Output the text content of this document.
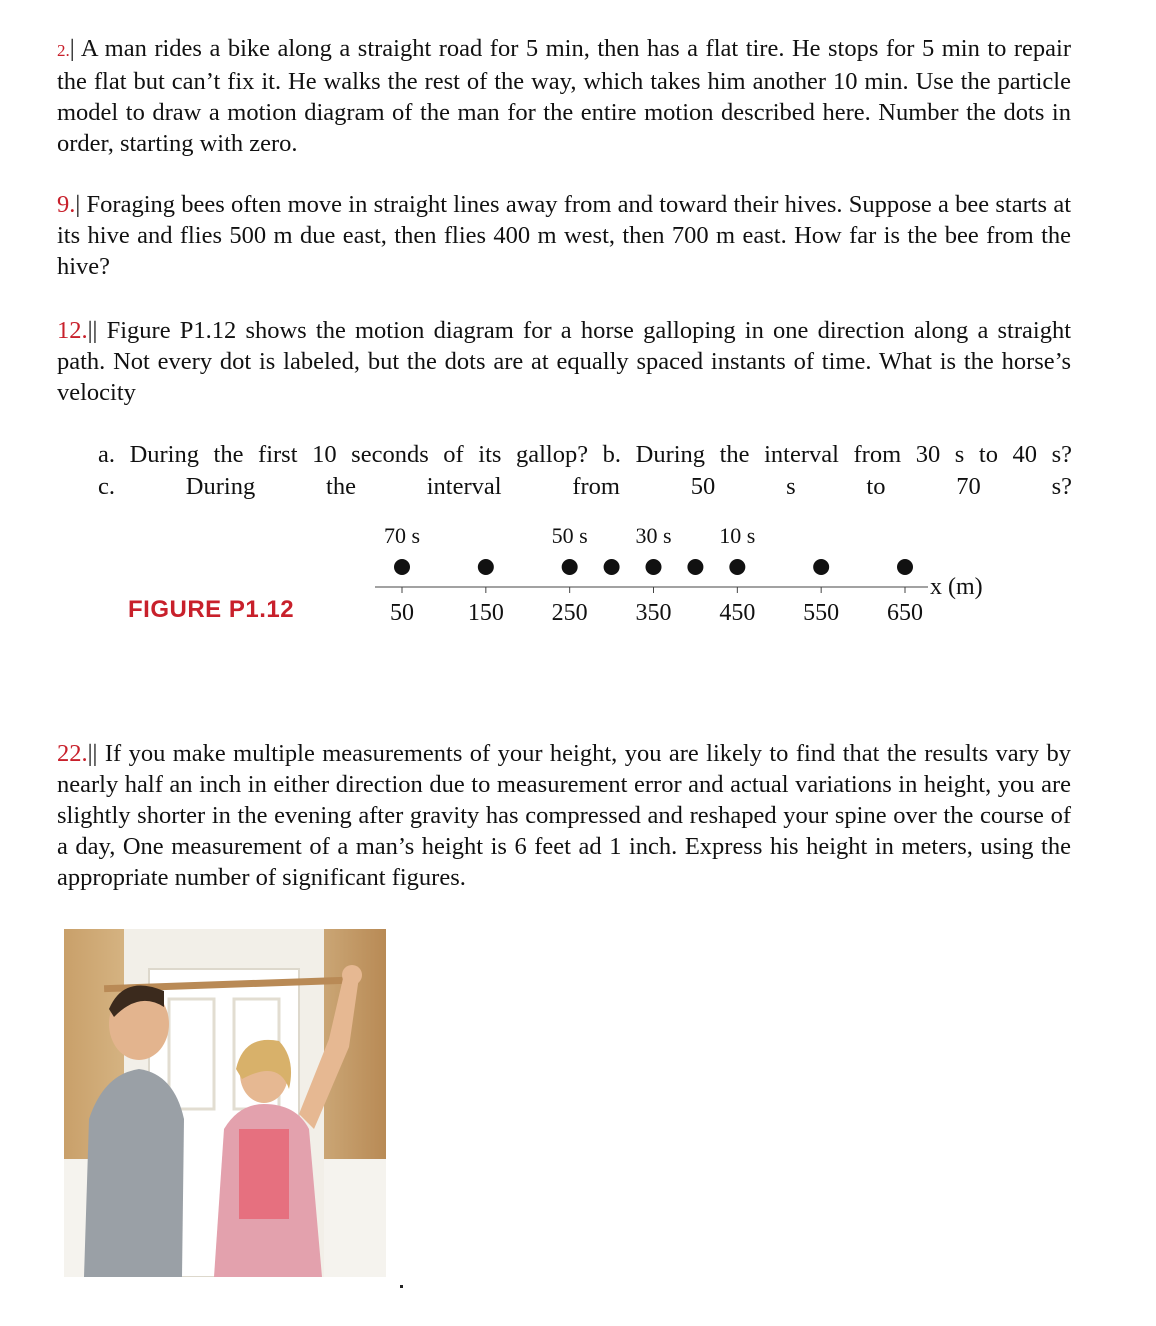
2.| A man rides a bike along a straight road for 5 min, then has a flat tire. He stops for 5 min to repair the flat but can’t fix it. He walks the rest of the way, which takes him another 10 min. Use the particle model to draw a motion diagram of the man for the entire motion described here. Number the dots in order, starting with zero.

9.| Foraging bees often move in straight lines away from and toward their hives. Suppose a bee starts at its hive and flies 500 m due east, then flies 400 m west, then 700 m east. How far is the bee from the hive?

12.|| Figure P1.12 shows the motion diagram for a horse galloping in one direction along a straight path. Not every dot is labeled, but the dots are at equally spaced instants of time. What is the horse’s velocity

a. During the first 10 seconds of its gallop? b. During the interval from 30 s to 40 s?

c. During the interval from 50 s to 70 s?

FIGURE P1.12	50 150 250 350 450 550 650
x (m)
10 s
30 s
50 s
70 s

22.|| If you make multiple measurements of your height, you are likely to find that the results vary by nearly half an inch in either direction due to measurement error and actual variations in height, you are slightly shorter in the evening after gravity has compressed and reshaped your spine over the course of a day, One measurement of a man’s height is 6 feet ad 1 inch. Express his height in meters, using the appropriate number of significant figures.
